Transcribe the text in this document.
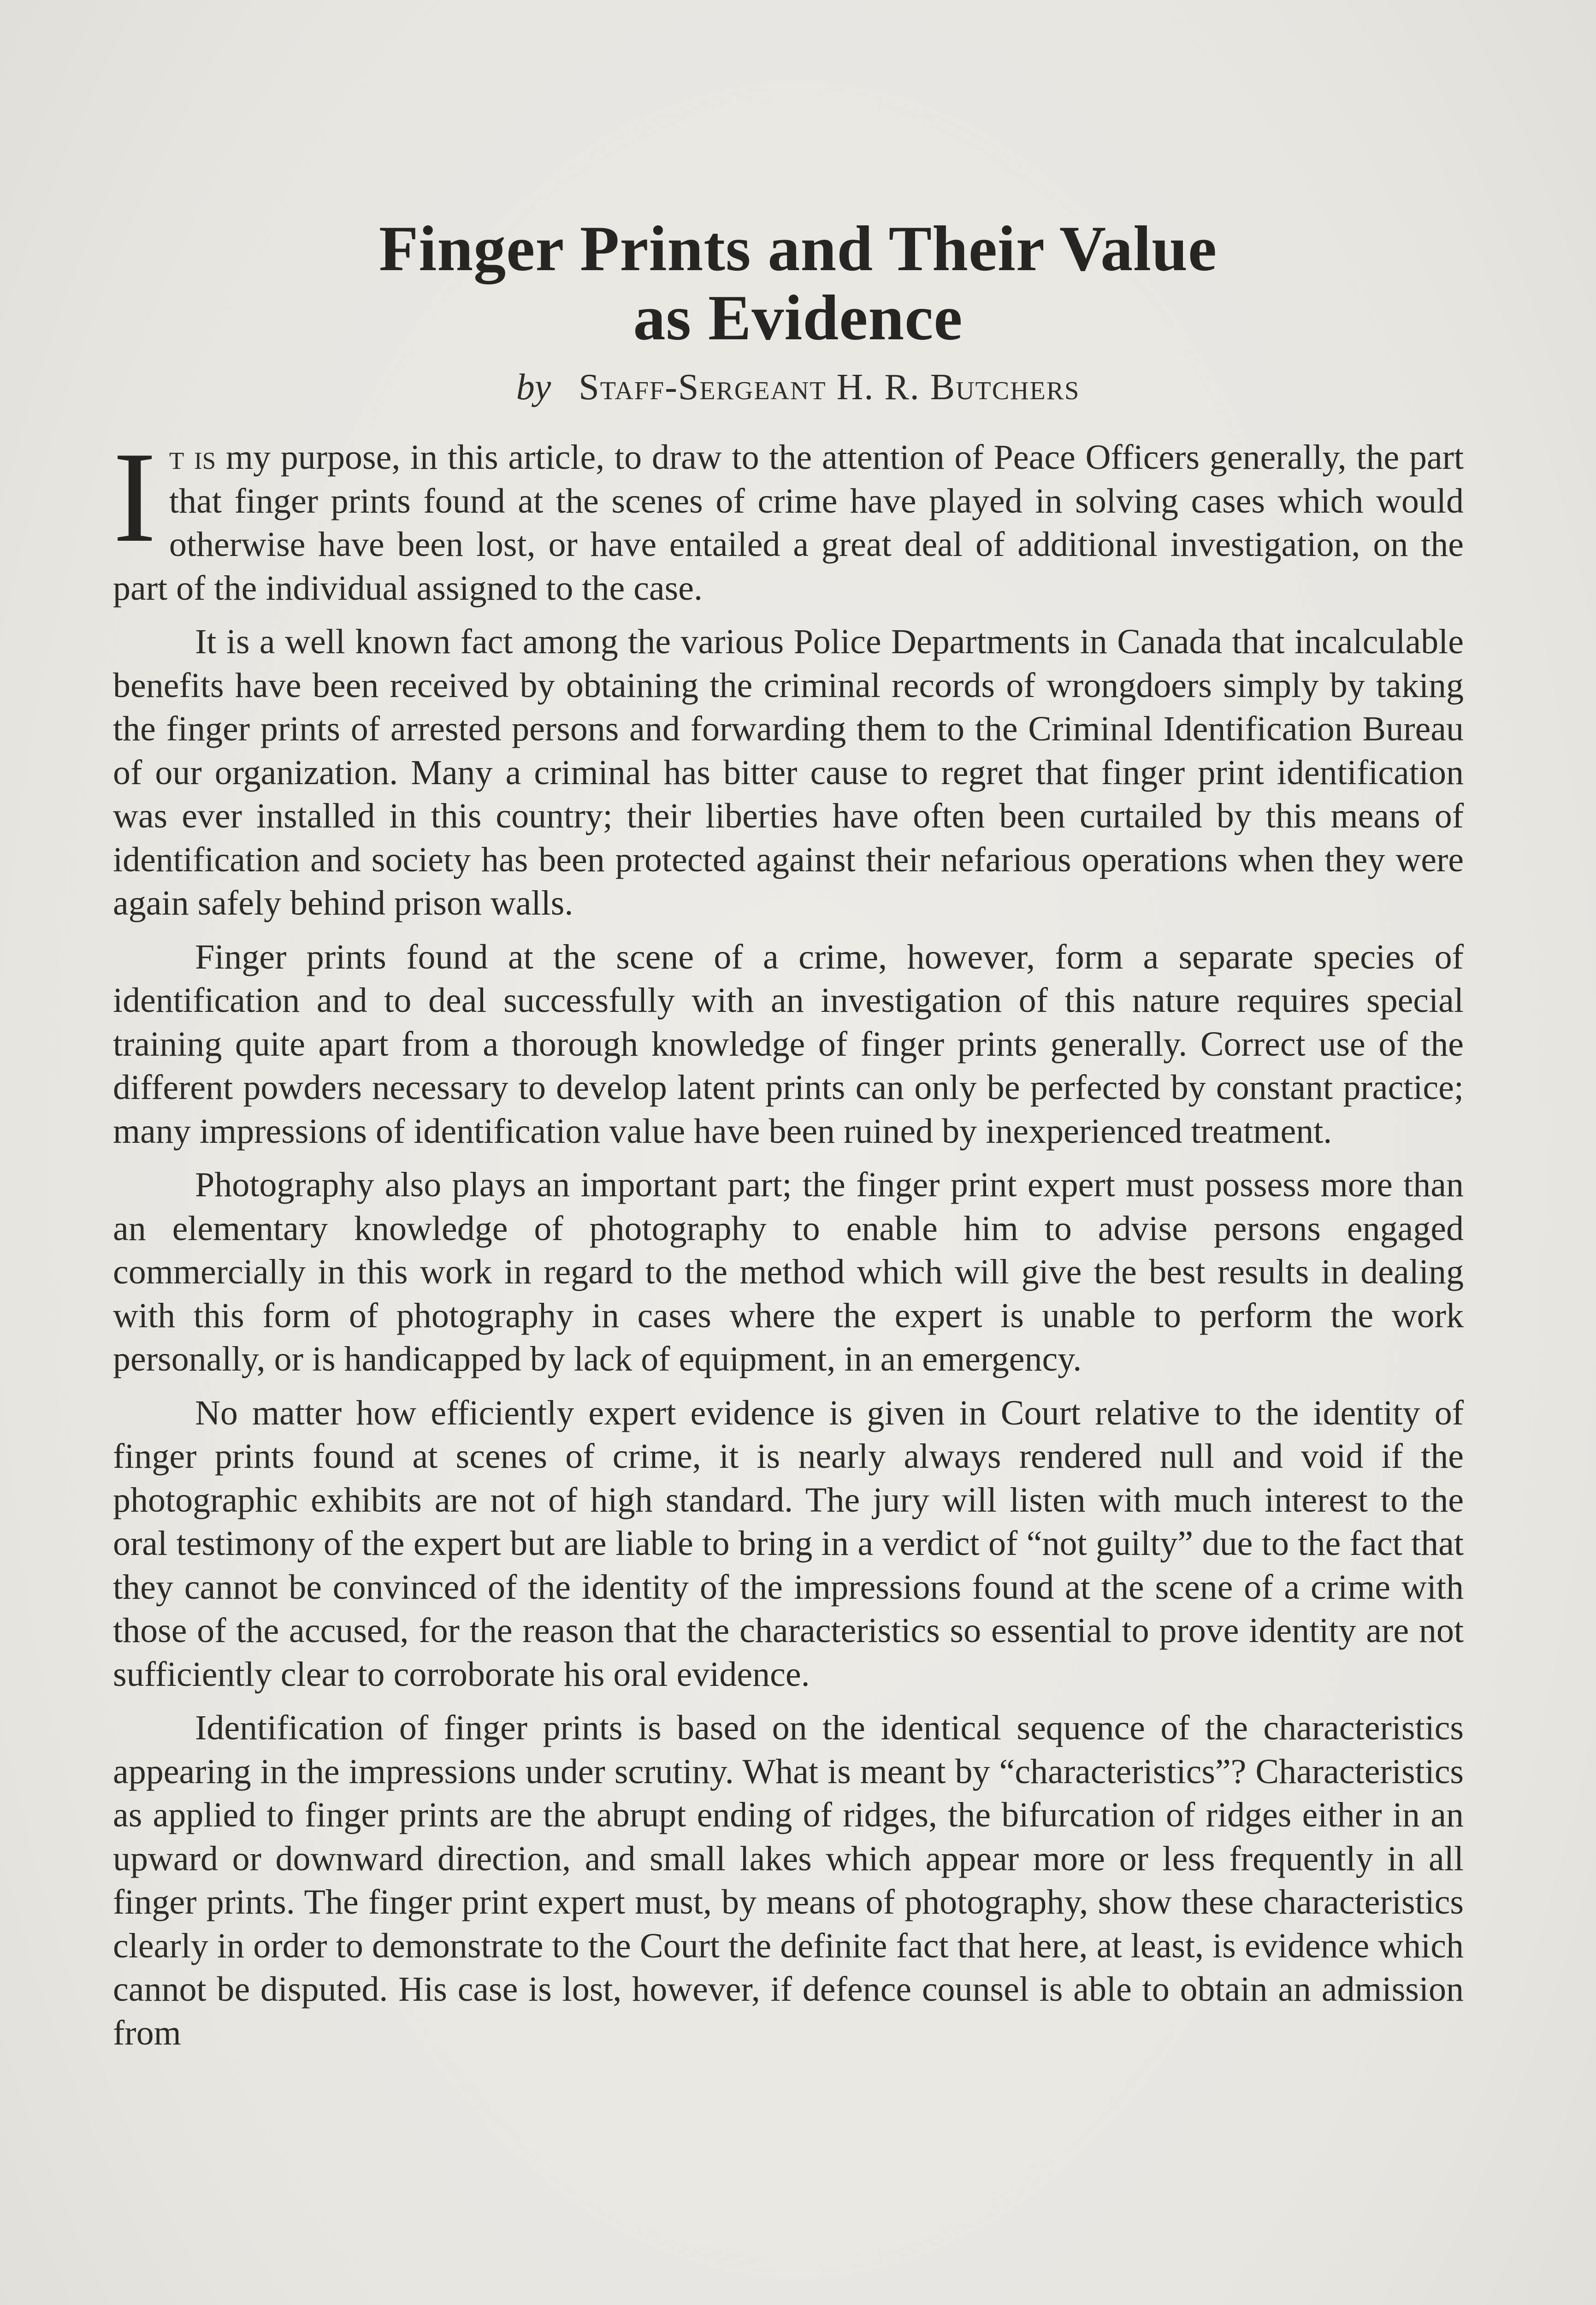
Finger Prints and Their Value
as Evidence
by Staff-Sergeant H. R. Butchers

It is my purpose, in this article, to draw to the attention of Peace Officers generally, the part that finger prints found at the scenes of crime have played in solving cases which would otherwise have been lost, or have entailed a great deal of additional investigation, on the part of the individual assigned to the case.

It is a well known fact among the various Police Departments in Canada that incalculable benefits have been received by obtaining the criminal records of wrongdoers simply by taking the finger prints of arrested persons and forwarding them to the Criminal Identification Bureau of our organization. Many a criminal has bitter cause to regret that finger print identification was ever installed in this country; their liberties have often been curtailed by this means of identification and society has been protected against their nefarious operations when they were again safely behind prison walls.

Finger prints found at the scene of a crime, however, form a separate species of identification and to deal successfully with an investigation of this nature requires special training quite apart from a thorough knowledge of finger prints generally. Correct use of the different powders necessary to develop latent prints can only be perfected by constant practice; many impressions of identification value have been ruined by inexperienced treatment.

Photography also plays an important part; the finger print expert must possess more than an elementary knowledge of photography to enable him to advise persons engaged commercially in this work in regard to the method which will give the best results in dealing with this form of photography in cases where the expert is unable to perform the work personally, or is handicapped by lack of equipment, in an emergency.

No matter how efficiently expert evidence is given in Court relative to the identity of finger prints found at scenes of crime, it is nearly always rendered null and void if the photographic exhibits are not of high standard. The jury will listen with much interest to the oral testimony of the expert but are liable to bring in a verdict of “not guilty” due to the fact that they cannot be convinced of the identity of the impressions found at the scene of a crime with those of the accused, for the reason that the characteristics so essential to prove identity are not sufficiently clear to corroborate his oral evidence.

Identification of finger prints is based on the identical sequence of the characteristics appearing in the impressions under scrutiny. What is meant by “characteristics”? Characteristics as applied to finger prints are the abrupt ending of ridges, the bifurcation of ridges either in an upward or downward direction, and small lakes which appear more or less frequently in all finger prints. The finger print expert must, by means of photography, show these characteristics clearly in order to demonstrate to the Court the definite fact that here, at least, is evidence which cannot be disputed. His case is lost, however, if defence counsel is able to obtain an admission from
